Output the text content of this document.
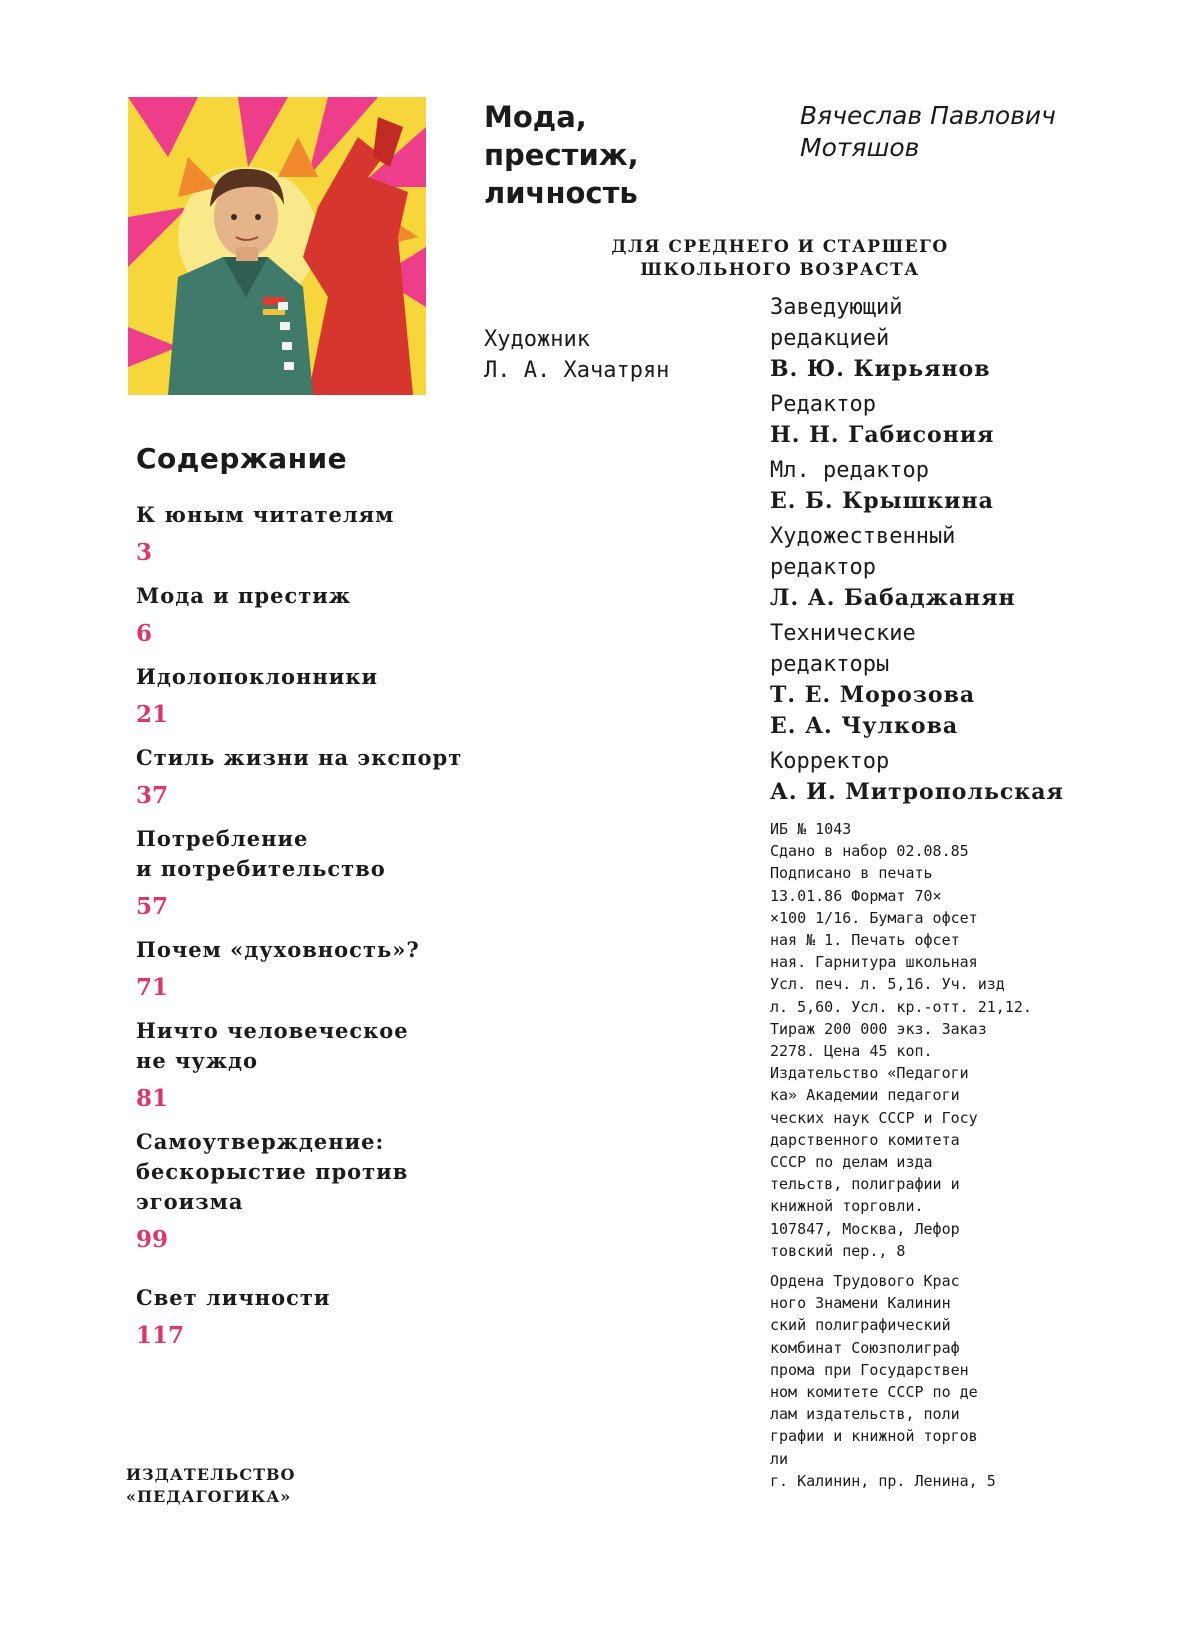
Мода,
престиж,
личность
Вячеслав Павлович
Мотяшов
ДЛЯ СРЕДНЕГО И СТАРШЕГО
ШКОЛЬНОГО ВОЗРАСТА
Художник
Л. А. Хачатрян
Содержание
К юным читателям
3
Мода и престиж
6
Идолопоклонники
21
Стиль жизни на экспорт
37
Потребление
и потребительство
57
Почем «духовность»?
71
Ничто человеческое
не чуждо
81
Самоутверждение:
бескорыстие против
эгоизма
99
Свет личности
117
Заведующий
редакцией
В. Ю. Кирьянов
Редактор
Н. Н. Габисония
Мл. редактор
Е. Б. Крышкина
Художественный
редактор
Л. А. Бабаджанян
Технические
редакторы
Т. Е. Морозова
Е. А. Чулкова
Корректор
А. И. Митропольская
ИБ № 1043
Сдано в набор 02.08.85
Подписано в печать
13.01.86 Формат 70×
×100 1/16. Бумага офсет
ная № 1. Печать офсет
ная. Гарнитура школьная
Усл. печ. л. 5,16. Уч. изд
л. 5,60. Усл. кр.-отт. 21,12.
Тираж 200 000 экз. Заказ
2278. Цена 45 коп.
Издательство «Педагоги
ка» Академии педагоги
ческих наук СССР и Госу
дарственного комитета
СССР по делам изда
тельств, полиграфии и
книжной торговли.
107847, Москва, Лефор
товский пер., 8
Ордена Трудового Крас
ного Знамени Калинин
ский полиграфический
комбинат Союзполиграф
прома при Государствен
ном комитете СССР по де
лам издательств, поли
графии и книжной торгов
ли
г. Калинин, пр. Ленина, 5
ИЗДАТЕЛЬСТВО
«ПЕДАГОГИКА»
